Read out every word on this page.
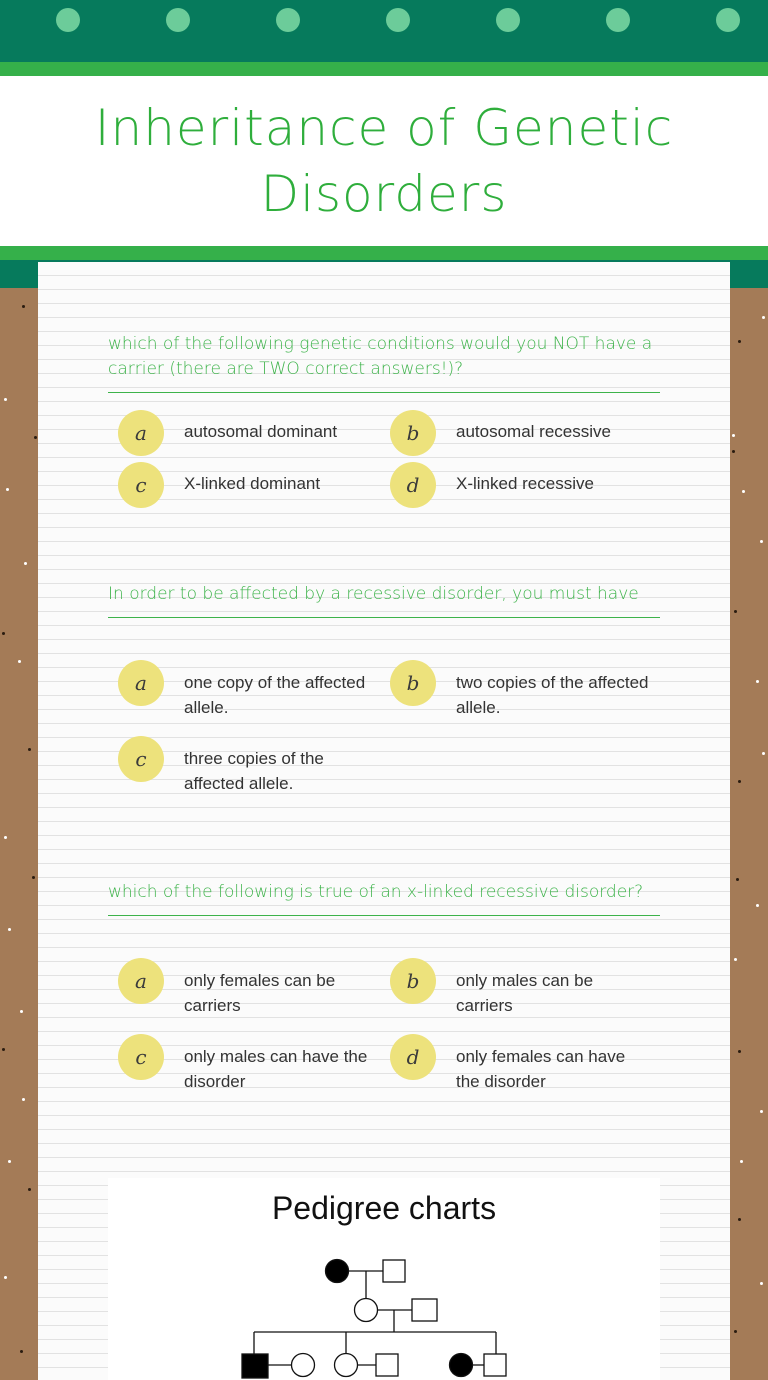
Inheritance of Genetic Disorders

which of the following genetic conditions would you NOT have a carrier (there are TWO correct answers!)?

a	autosomal dominant	b	autosomal recessive
c	X-linked dominant	d	X-linked recessive

In order to be affected by a recessive disorder, you must have

a	one copy of the affected allele.
b	two copies of the affected allele.
c	three copies of the affected allele.

which of the following is true of an x-linked recessive disorder?

a	only females can be carriers
b	only males can be carriers
c	only males can have the disorder
d	only females can have the disorder
Pedigree charts
